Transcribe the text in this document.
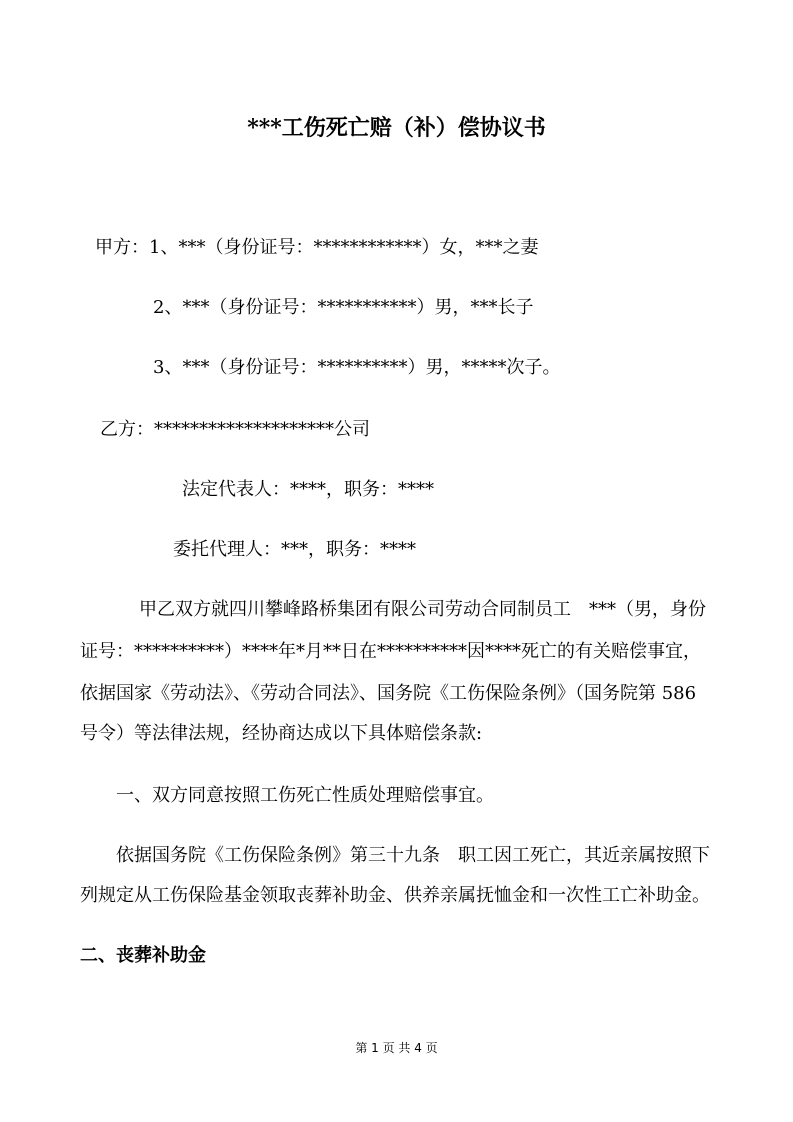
***工伤死亡赔（补）偿协议书
甲方：1、***（身份证号：************）女，***之妻
2、***（身份证号：***********）男，***长子
3、***（身份证号：**********）男，*****次子。
乙方：********************公司
法定代表人：****，职务：****
委托代理人：***，职务：****
甲乙双方就四川攀峰路桥集团有限公司劳动合同制员工　***（男，身份
证号：**********）****年*月**日在**********因****死亡的有关赔偿事宜，
依据国家《劳动法》、《劳动合同法》、国务院《工伤保险条例》（国务院第 586
号令）等法律法规，经协商达成以下具体赔偿条款:
一、双方同意按照工伤死亡性质处理赔偿事宜。
依据国务院《工伤保险条例》第三十九条　职工因工死亡，其近亲属按照下
列规定从工伤保险基金领取丧葬补助金、供养亲属抚恤金和一次性工亡补助金。
二、丧葬补助金
第 1 页 共 4 页
